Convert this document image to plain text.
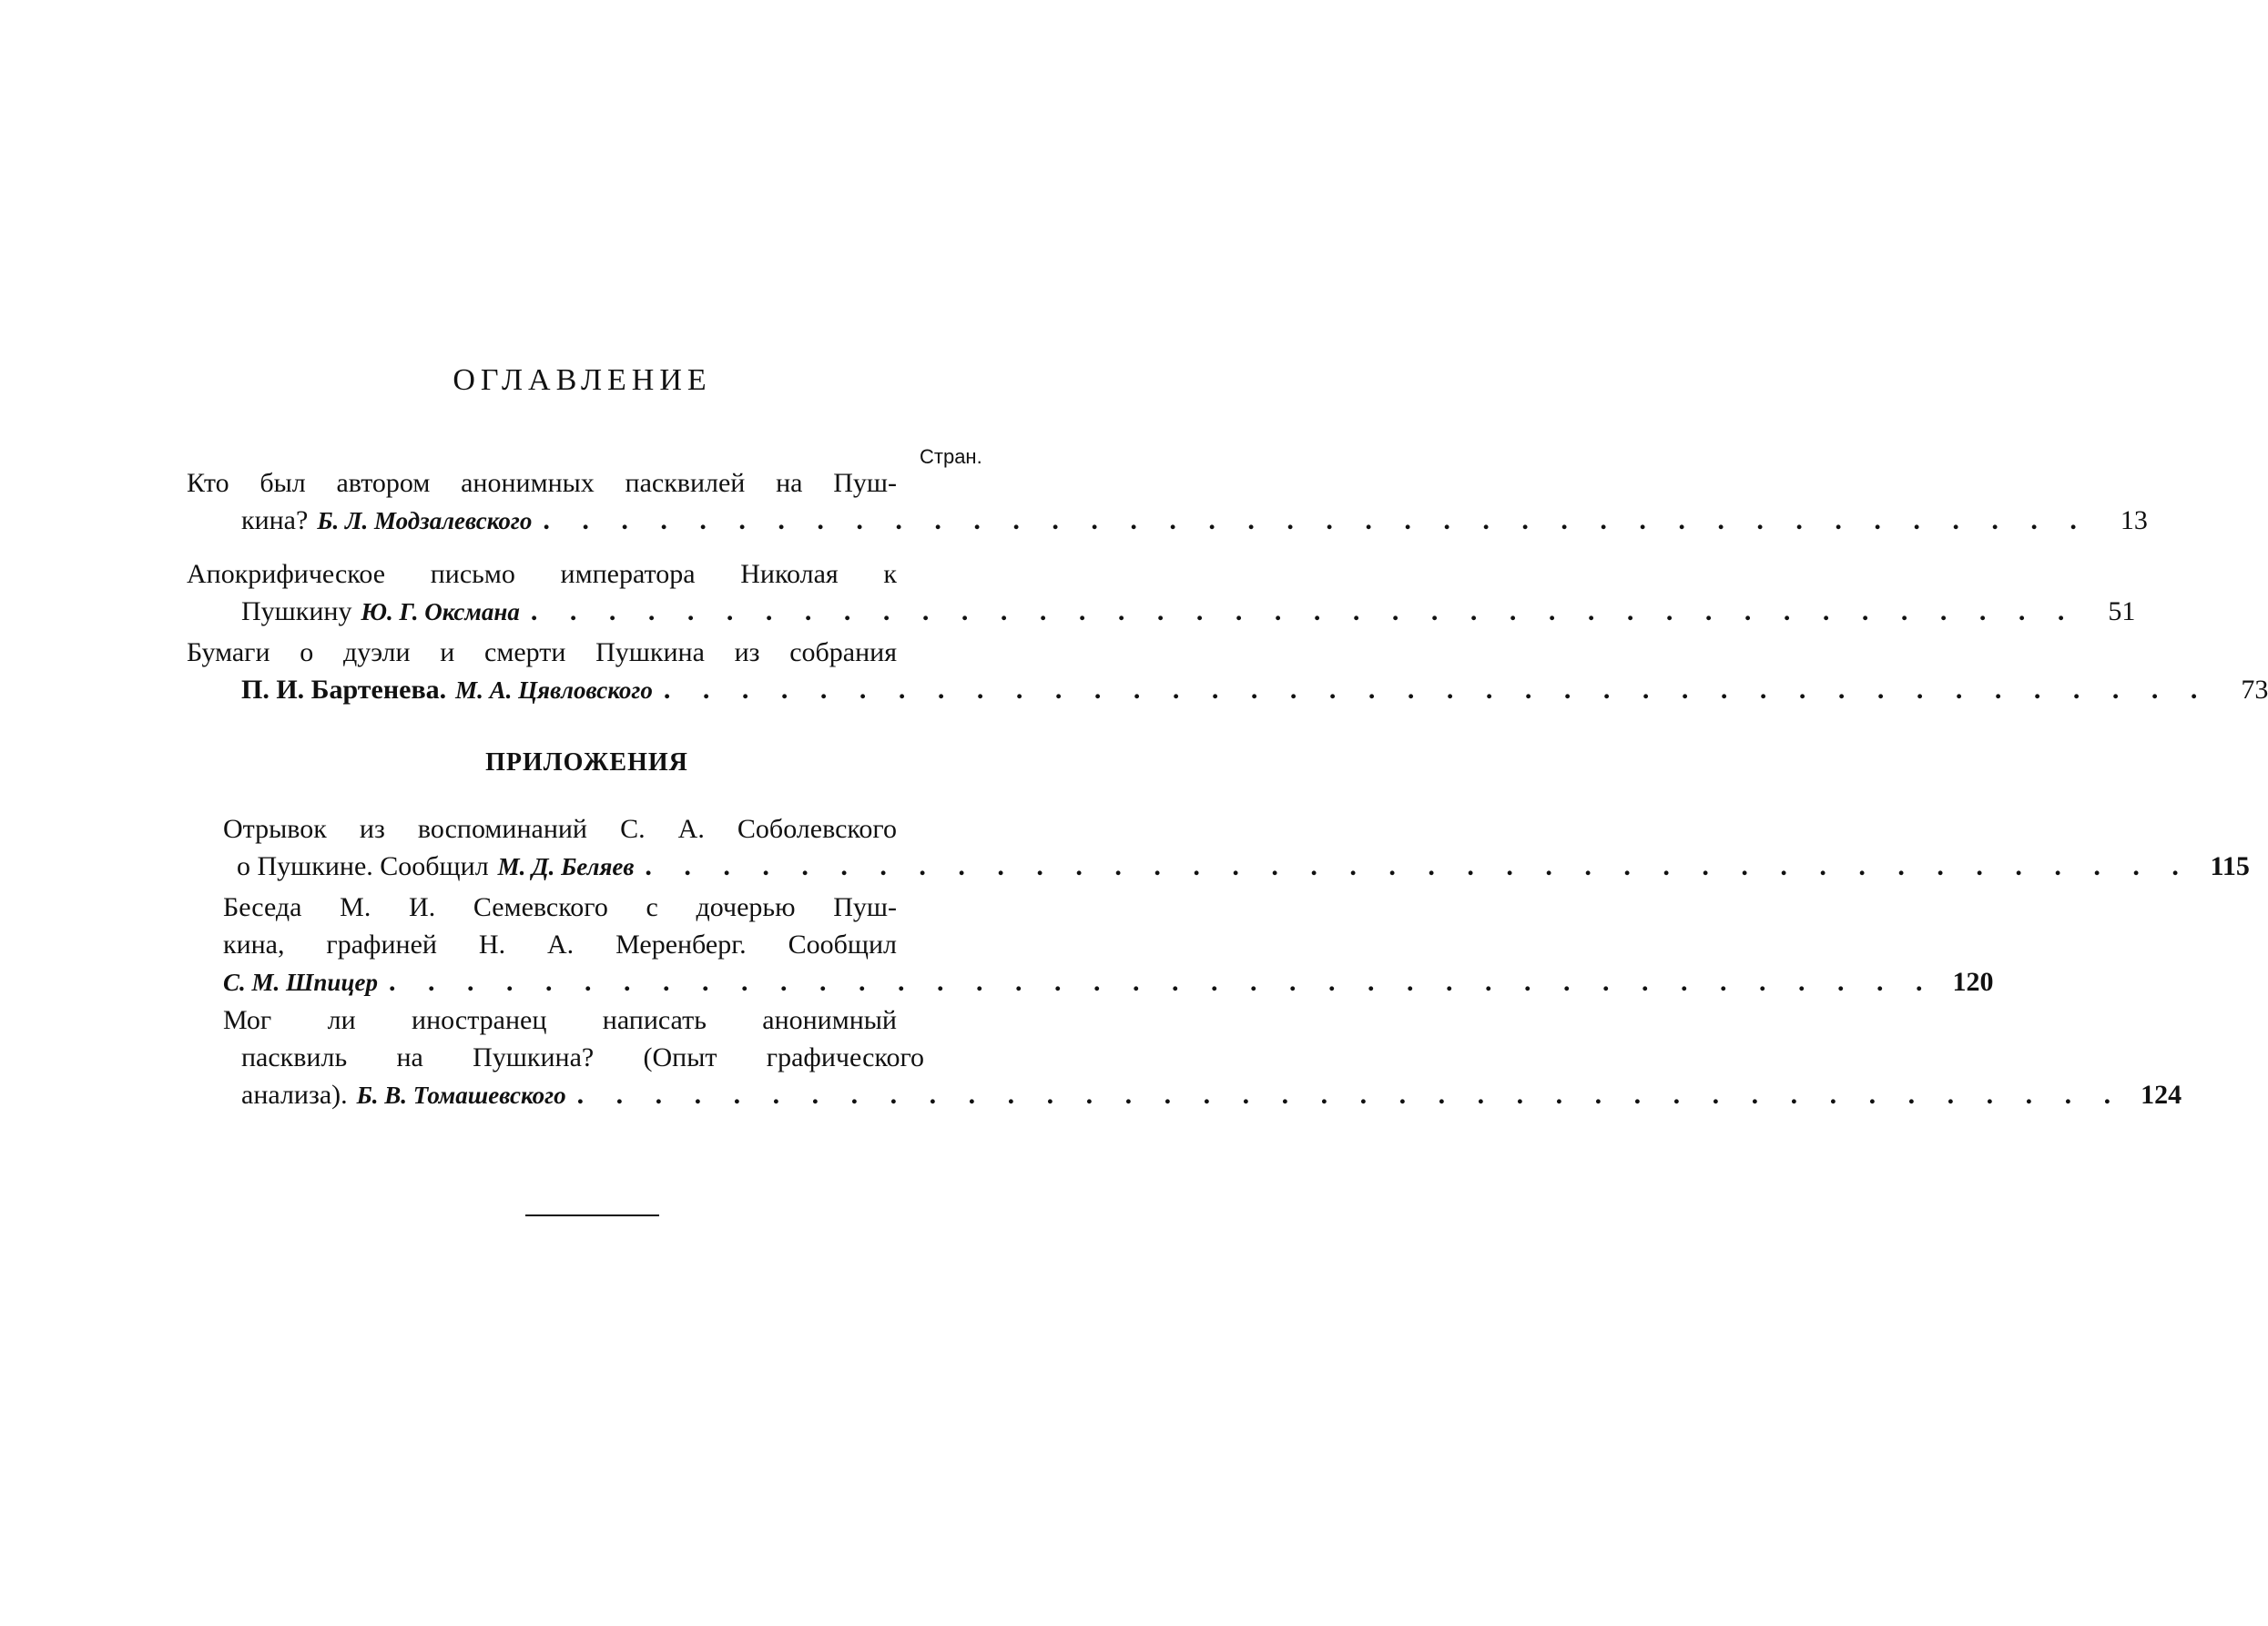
ОГЛАВЛЕНИЕ
Стран.
Кто был автором анонимных пасквилей на Пуш-
кина? Б. Л. Модзалевского . . . . . . . . . . . . . . . . . . . . . . . . . . . . . . . . . . . . . . . .	13
Апокрифическое письмо императора Николая к
Пушкину Ю. Г. Оксмана . . . . . . . . . . . . . . . . . . . . . . . . . . . . . . . . . . . . . . . .	51
Бумаги о дуэли и смерти Пушкина из собрания
П. И. Бартенева. М. А. Цявловского . . . . . . . . . . . . . . . . . . . . . . . . . . . . . . . . . . . . . . . .	73
ПРИЛОЖЕНИЯ
Отрывок из воспоминаний С. А. Соболевского
о Пушкине. Сообщил М. Д. Беляев . . . . . . . . . . . . . . . . . . . . . . . . . . . . . . . . . . . . . . . . 115
Беседа М. И. Семевского с дочерью Пуш-
кина, графиней Н. А. Меренберг. Сообщил
С. М. Шпицер . . . . . . . . . . . . . . . . . . . . . . . . . . . . . . . . . . . . . . . . 120
Мог ли иностранец написать анонимный
пасквиль на Пушкина? (Опыт графического
анализа). Б. В. Томашевского . . . . . . . . . . . . . . . . . . . . . . . . . . . . . . . . . . . . . . . . 124
